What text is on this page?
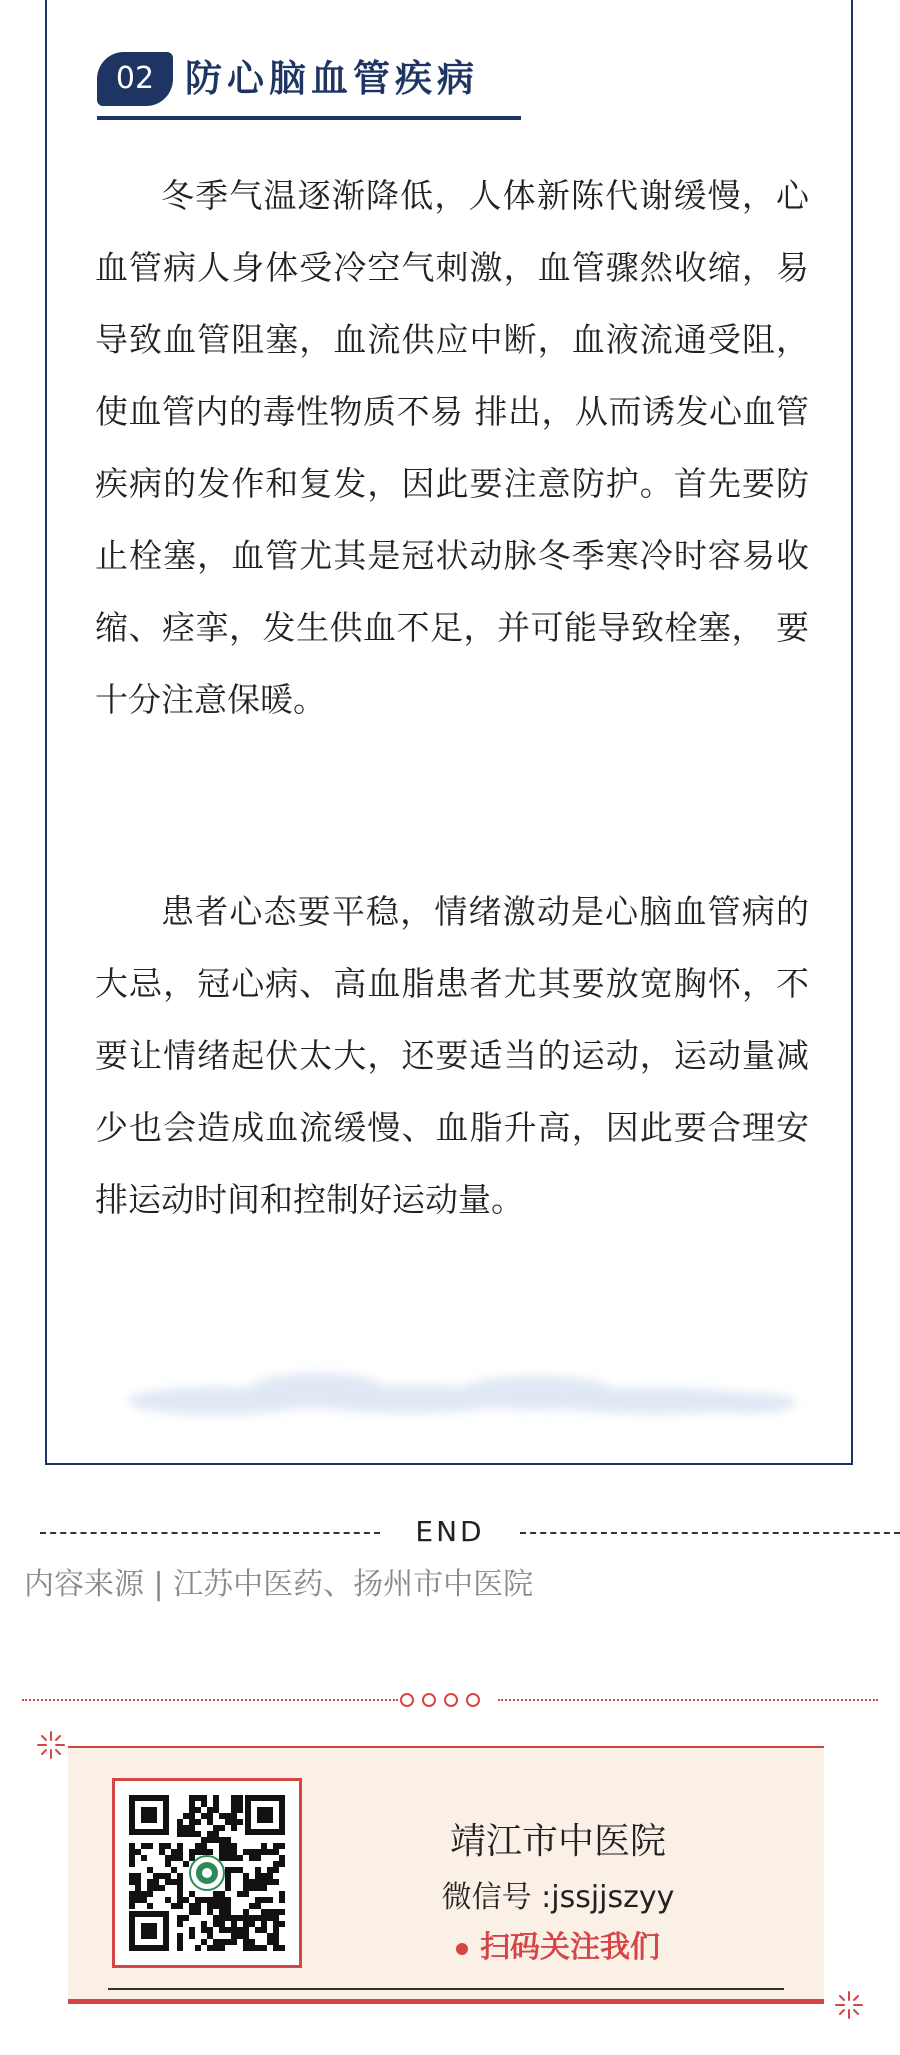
02 防心脑血管疾病

冬季气温逐渐降低，人体新陈代谢缓慢，心血管病人身体受冷空气刺激，血管骤然收缩，易导致血管阻塞，血流供应中断，血液流通受阻，使血管内的毒性物质不易 排出，从而诱发心血管疾病的发作和复发，因此要注意防护。首先要防止栓塞，血管尤其是冠状动脉冬季寒冷时容易收缩、痉挛，发生供血不足，并可能导致栓塞， 要十分注意保暖。

患者心态要平稳，情绪激动是心脑血管病的大忌，冠心病、高血脂患者尤其要放宽胸怀，不要让情绪起伏太大，还要适当的运动，运动量减少也会造成血流缓慢、血脂升高，因此要合理安排运动时间和控制好运动量。

END
内容来源 | 江苏中医药、扬州市中医院
靖江市中医院
微信号 :jssjjszyy
扫码关注我们
